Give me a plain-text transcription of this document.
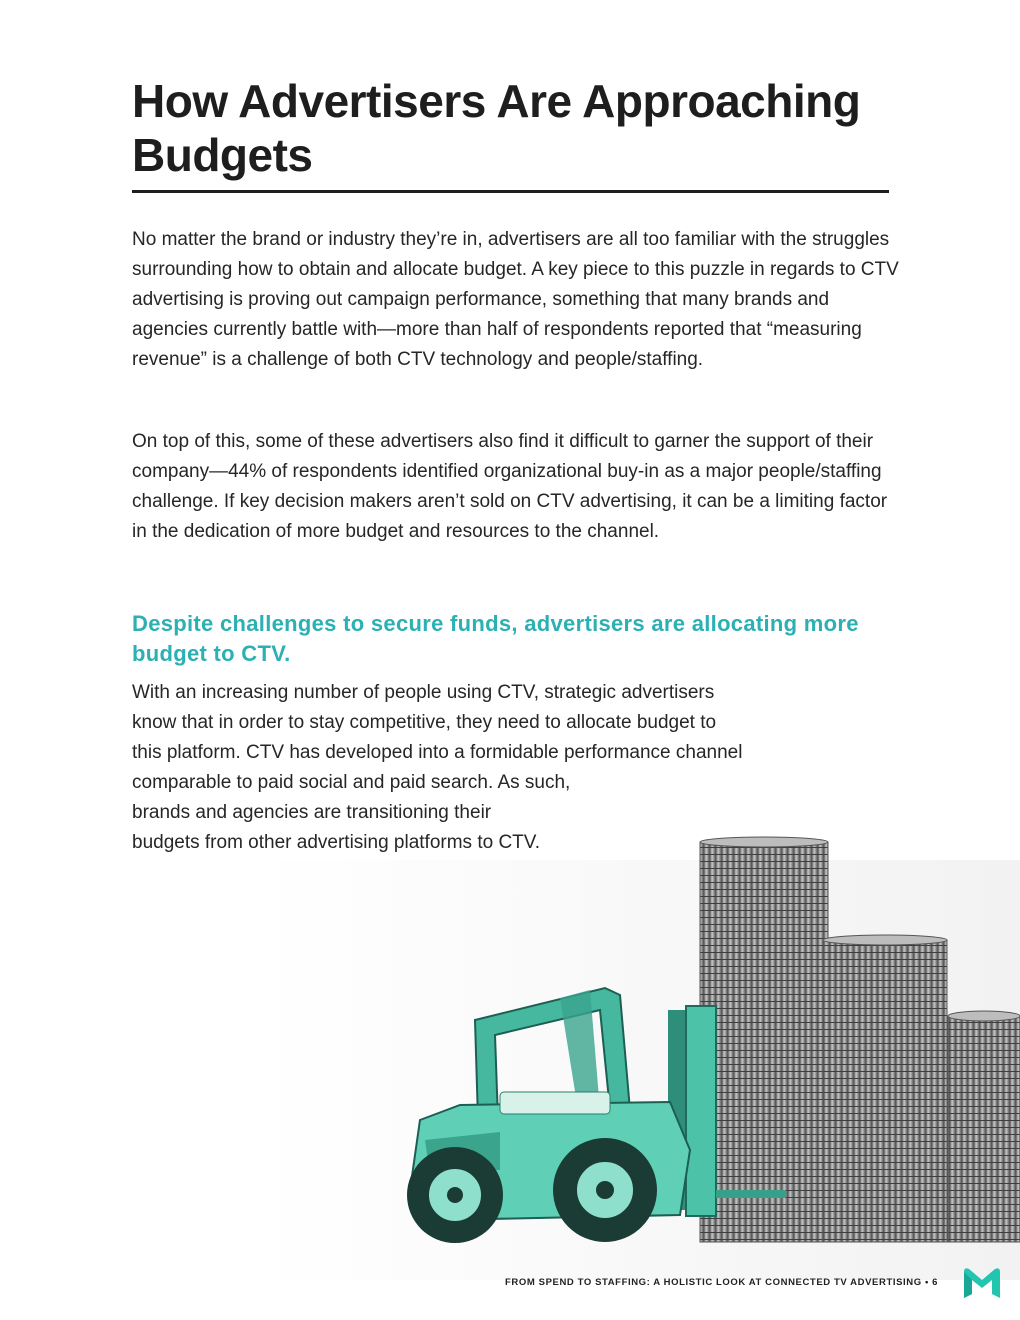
How Advertisers Are Approaching Budgets

No matter the brand or industry they’re in, advertisers are all too familiar with the struggles surrounding how to obtain and allocate budget. A key piece to this puzzle in regards to CTV advertising is proving out campaign performance, something that many brands and agencies currently battle with—more than half of respondents reported that “measuring revenue” is a challenge of both CTV technology and people/staffing.

On top of this, some of these advertisers also find it difficult to garner the support of their company—44% of respondents identified organizational buy-in as a major people/staffing challenge. If key decision makers aren’t sold on CTV advertising, it can be a limiting factor in the dedication of more budget and resources to the channel.

Despite challenges to secure funds, advertisers are allocating more budget to CTV.

With an increasing number of people using CTV, strategic advertisers
know that in order to stay competitive, they need to allocate budget to
this platform. CTV has developed into a formidable performance channel
comparable to paid social and paid search. As such,
brands and agencies are transitioning their
budgets from other advertising platforms to CTV.

FROM SPEND TO STAFFING: A HOLISTIC LOOK AT CONNECTED TV ADVERTISING • 6
